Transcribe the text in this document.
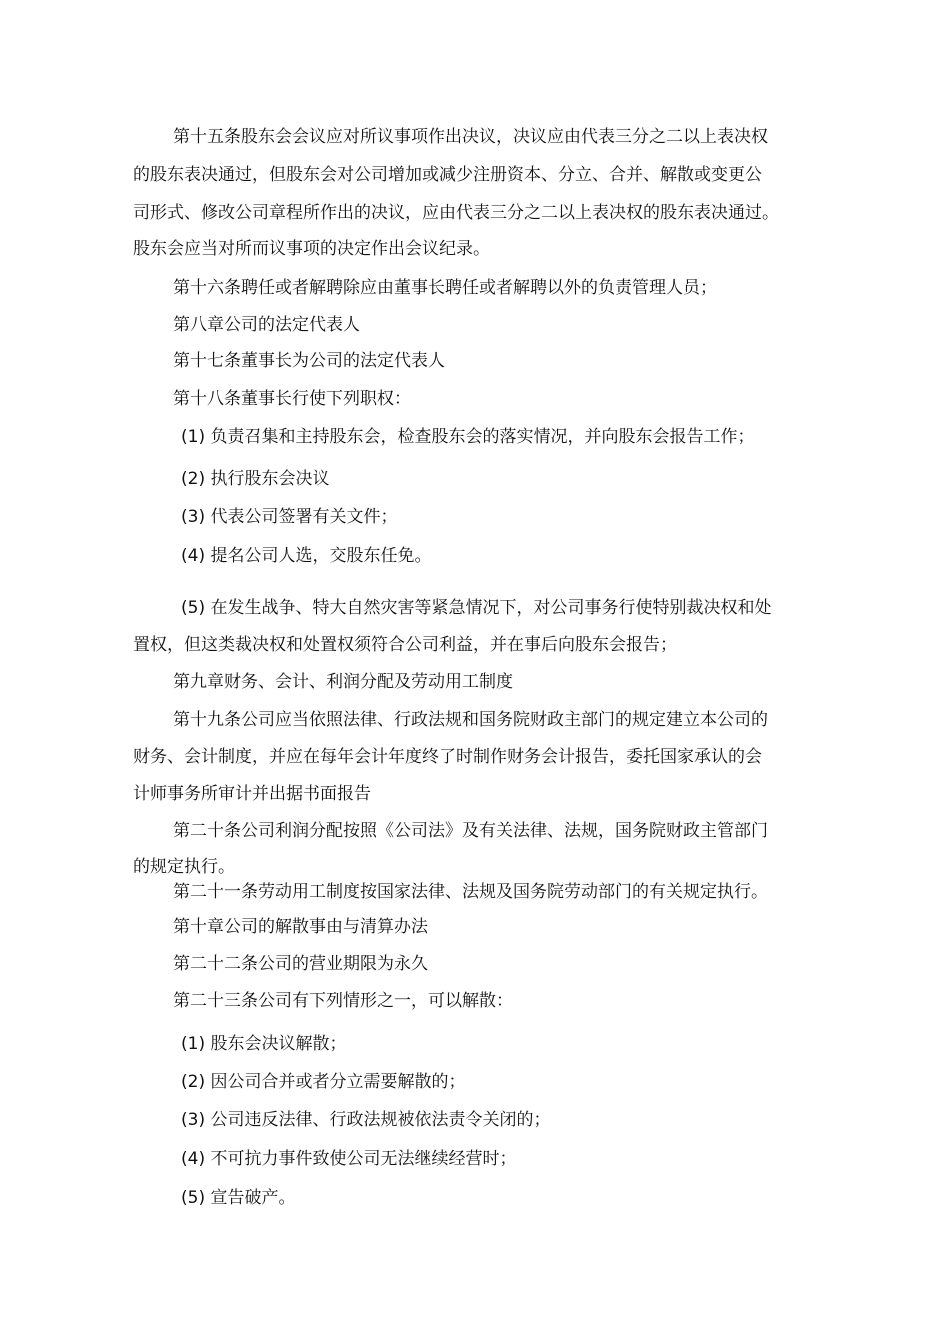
第十五条股东会会议应对所议事项作出决议，决议应由代表三分之二以上表决权
的股东表决通过，但股东会对公司增加或减少注册资本、分立、合并、解散或变更公
司形式、修改公司章程所作出的决议，应由代表三分之二以上表决权的股东表决通过。
股东会应当对所而议事项的决定作出会议纪录。
第十六条聘任或者解聘除应由董事长聘任或者解聘以外的负责管理人员；
第八章公司的法定代表人
第十七条董事长为公司的法定代表人
第十八条董事长行使下列职权：
(1) 负责召集和主持股东会，检查股东会的落实情况，并向股东会报告工作；
(2) 执行股东会决议
(3) 代表公司签署有关文件；
(4) 提名公司人选，交股东任免。
(5) 在发生战争、特大自然灾害等紧急情况下，对公司事务行使特别裁决权和处
置权，但这类裁决权和处置权须符合公司利益，并在事后向股东会报告；
第九章财务、会计、利润分配及劳动用工制度
第十九条公司应当依照法律、行政法规和国务院财政主部门的规定建立本公司的
财务、会计制度，并应在每年会计年度终了时制作财务会计报告，委托国家承认的会
计师事务所审计并出据书面报告
第二十条公司利润分配按照《公司法》及有关法律、法规，国务院财政主管部门
的规定执行。
第二十一条劳动用工制度按国家法律、法规及国务院劳动部门的有关规定执行。
第十章公司的解散事由与清算办法
第二十二条公司的营业期限为永久
第二十三条公司有下列情形之一，可以解散：
(1) 股东会决议解散；
(2) 因公司合并或者分立需要解散的；
(3) 公司违反法律、行政法规被依法责令关闭的；
(4) 不可抗力事件致使公司无法继续经营时；
(5) 宣告破产。
